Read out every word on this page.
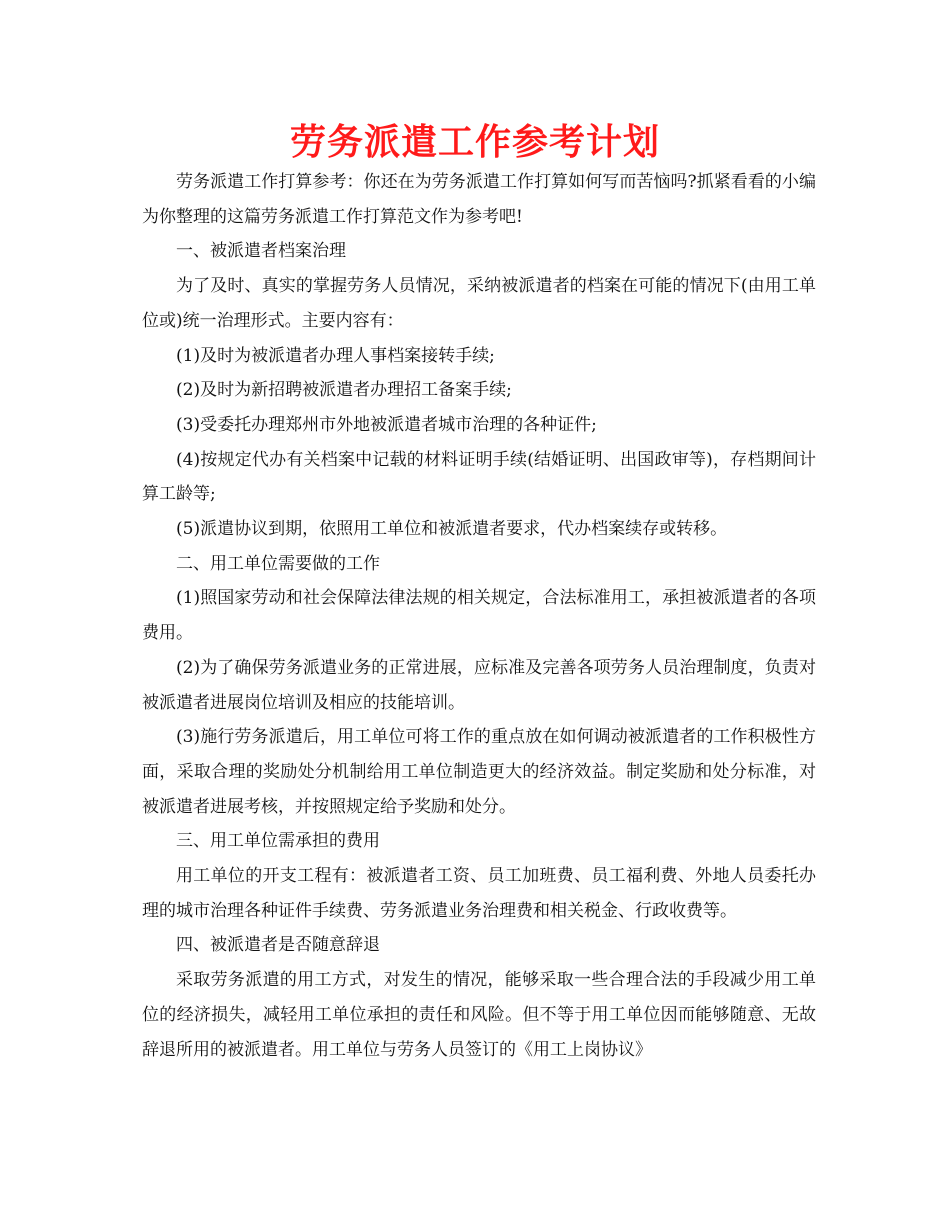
劳务派遣工作参考计划

劳务派遣工作打算参考：你还在为劳务派遣工作打算如何写而苦恼吗?抓紧看看的小编为你整理的这篇劳务派遣工作打算范文作为参考吧!

一、被派遣者档案治理

为了及时、真实的掌握劳务人员情况，采纳被派遣者的档案在可能的情况下(由用工单位或)统一治理形式。主要内容有：

(1)及时为被派遣者办理人事档案接转手续;

(2)及时为新招聘被派遣者办理招工备案手续;

(3)受委托办理郑州市外地被派遣者城市治理的各种证件;

(4)按规定代办有关档案中记载的材料证明手续(结婚证明、出国政审等)，存档期间计算工龄等;

(5)派遣协议到期，依照用工单位和被派遣者要求，代办档案续存或转移。

二、用工单位需要做的工作

(1)照国家劳动和社会保障法律法规的相关规定，合法标准用工，承担被派遣者的各项费用。

(2)为了确保劳务派遣业务的正常进展，应标准及完善各项劳务人员治理制度，负责对被派遣者进展岗位培训及相应的技能培训。

(3)施行劳务派遣后，用工单位可将工作的重点放在如何调动被派遣者的工作积极性方面，采取合理的奖励处分机制给用工单位制造更大的经济效益。制定奖励和处分标准，对被派遣者进展考核，并按照规定给予奖励和处分。

三、用工单位需承担的费用

用工单位的开支工程有：被派遣者工资、员工加班费、员工福利费、外地人员委托办理的城市治理各种证件手续费、劳务派遣业务治理费和相关税金、行政收费等。

四、被派遣者是否随意辞退

采取劳务派遣的用工方式，对发生的情况，能够采取一些合理合法的手段减少用工单位的经济损失，减轻用工单位承担的责任和风险。但不等于用工单位因而能够随意、无故辞退所用的被派遣者。用工单位与劳务人员签订的《用工上岗协议》
